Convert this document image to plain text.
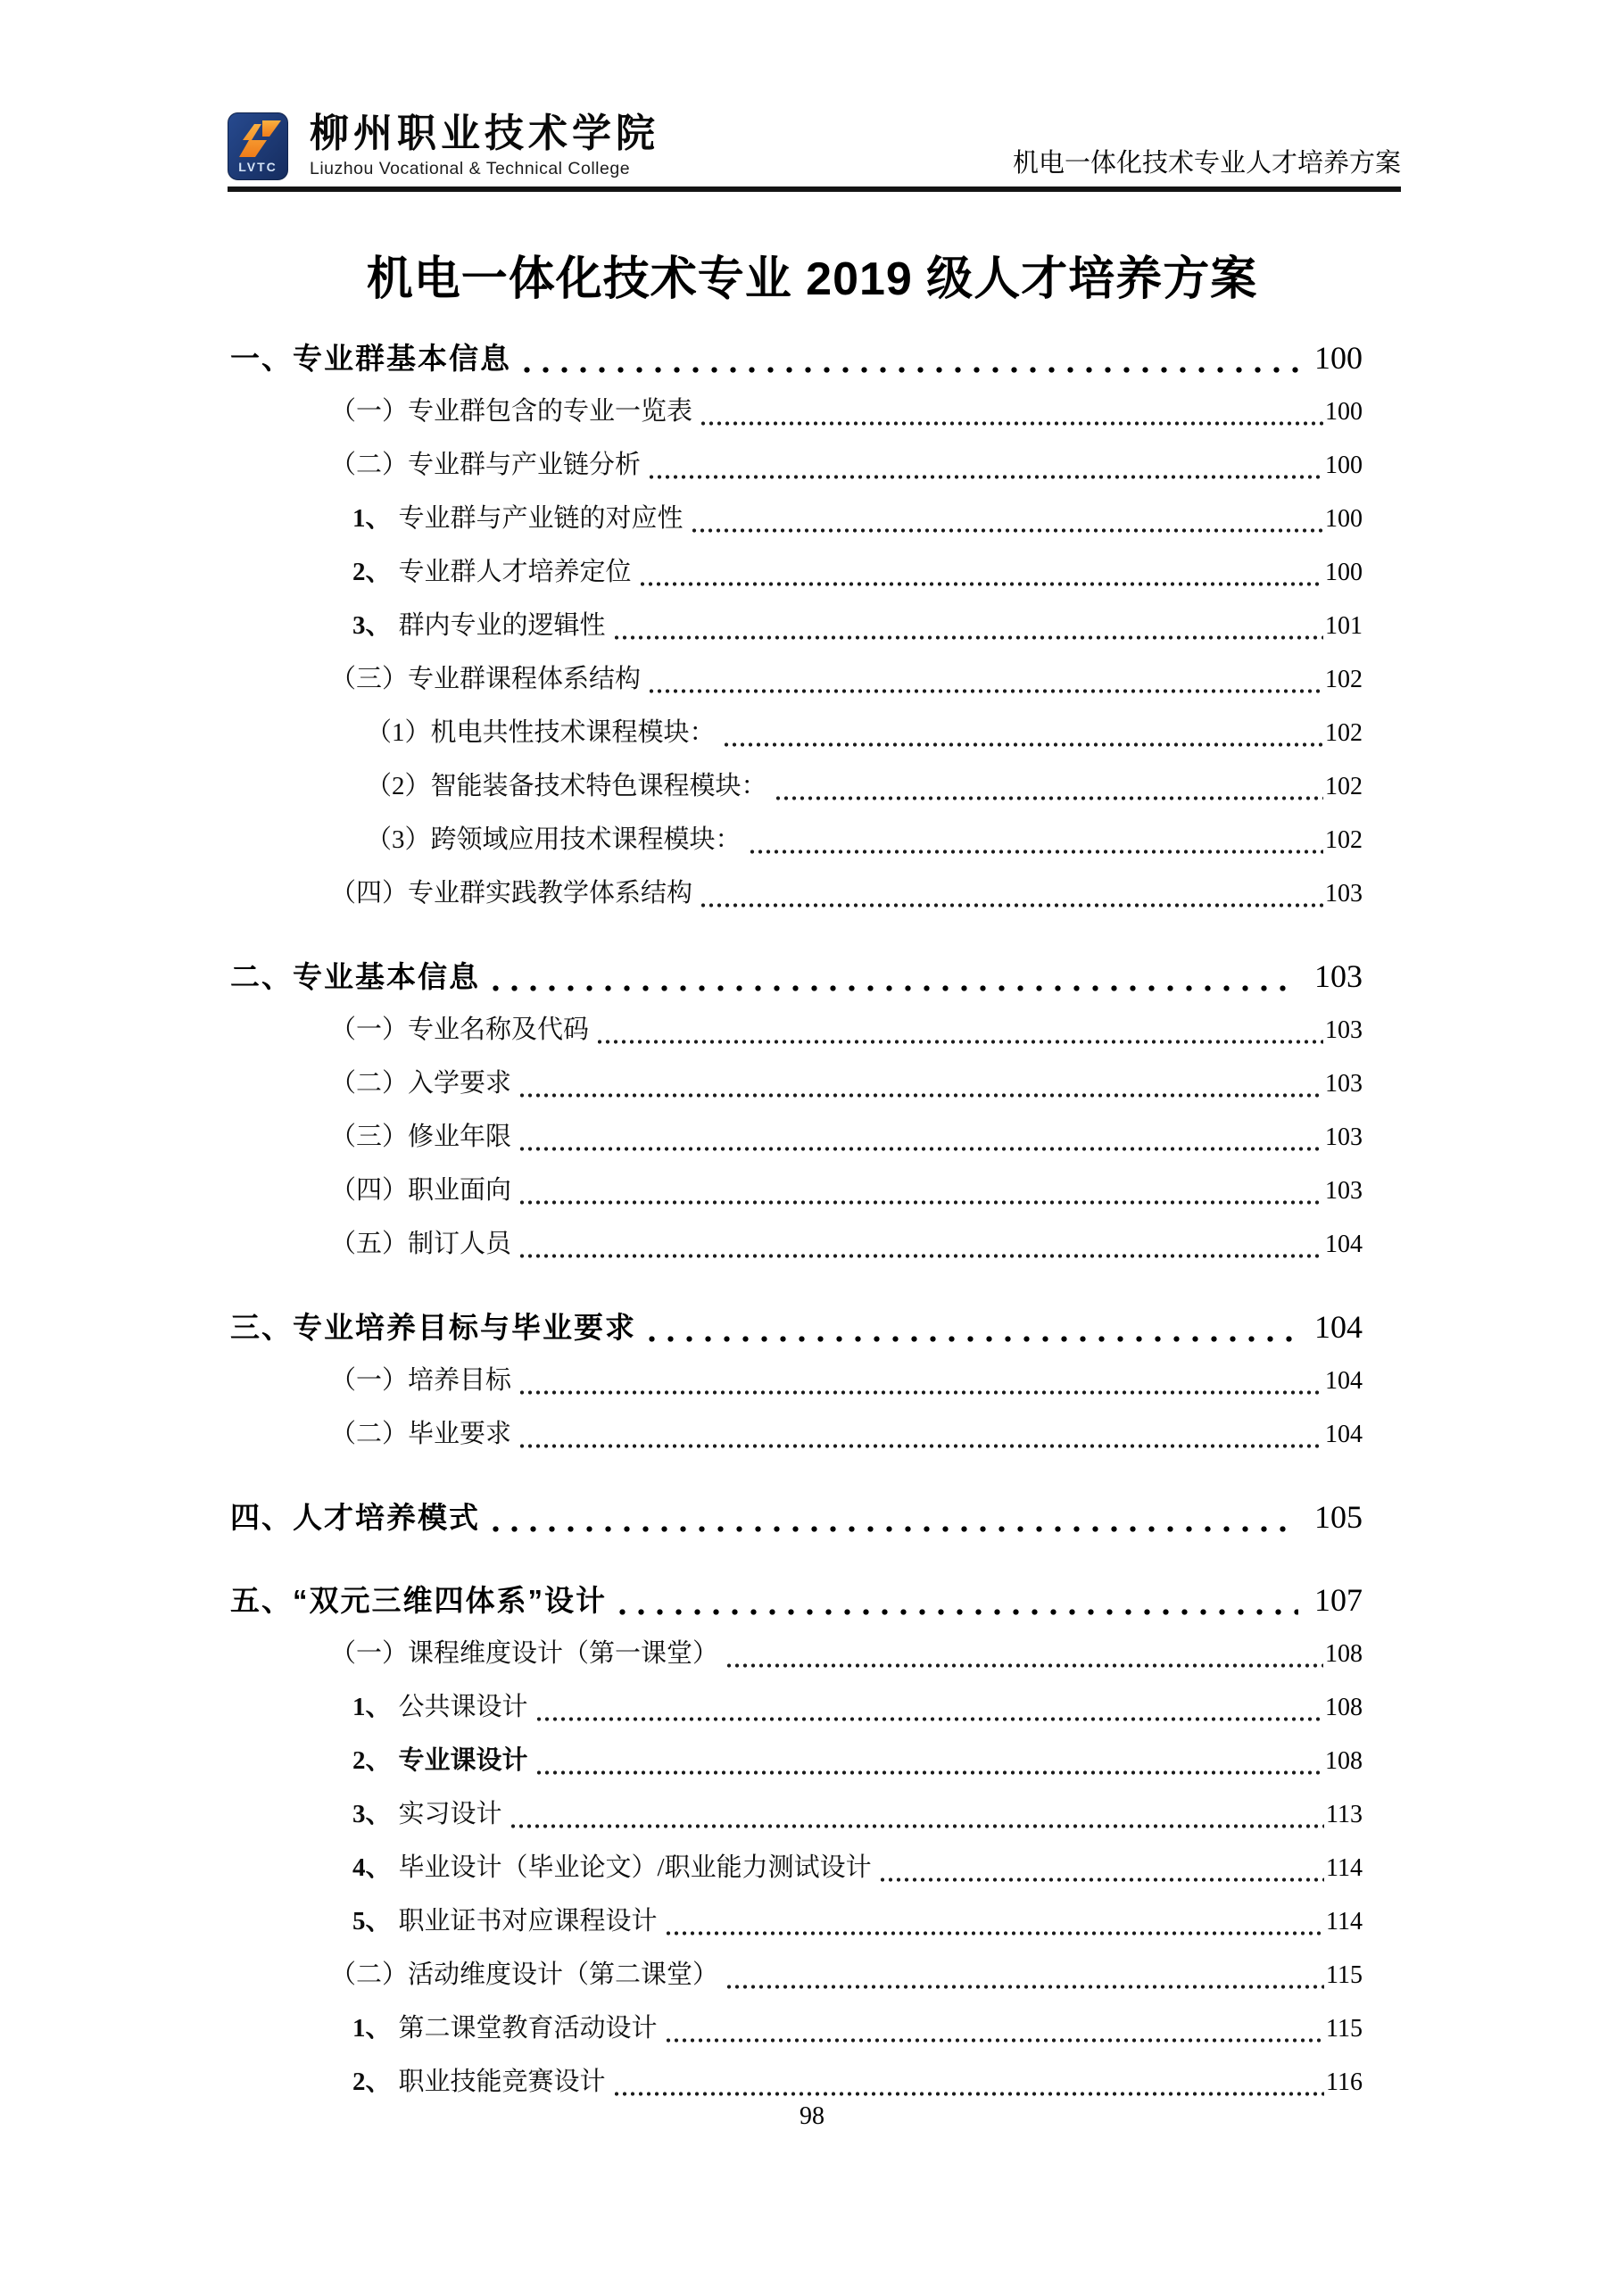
LVTC
柳州职业技术学院
Liuzhou Vocational & Technical College	机电一体化技术专业人才培养方案
机电一体化技术专业 2019 级人才培养方案
一、专业群基本信息	100
（一）专业群包含的专业一览表	100
（二）专业群与产业链分析	100
1、 专业群与产业链的对应性	100
2、 专业群人才培养定位	100
3、 群内专业的逻辑性	101
（三）专业群课程体系结构	102
（1）机电共性技术课程模块：	102
（2）智能装备技术特色课程模块：	102
（3）跨领域应用技术课程模块：	102
（四）专业群实践教学体系结构	103
二、专业基本信息	103
（一）专业名称及代码	103
（二）入学要求	103
（三）修业年限	103
（四）职业面向	103
（五）制订人员	104
三、专业培养目标与毕业要求	104
（一）培养目标	104
（二）毕业要求	104
四、人才培养模式	105
五、“双元三维四体系”设计	107
（一）课程维度设计（第一课堂）	108
1、 公共课设计	108
2、 专业课设计	108
3、 实习设计	113
4、 毕业设计（毕业论文）/职业能力测试设计	114
5、 职业证书对应课程设计	114
（二）活动维度设计（第二课堂）	115
1、 第二课堂教育活动设计	115
2、 职业技能竞赛设计	116
98
